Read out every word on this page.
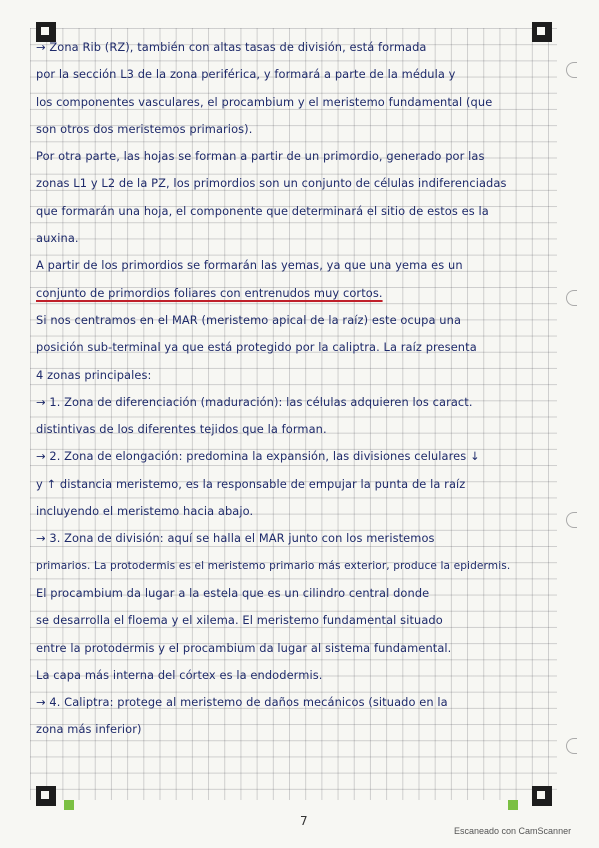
→ Zona Rib (RZ), también con altas tasas de división, está formada

por la sección L3 de la zona periférica, y formará a parte de la médula y

los componentes vasculares, el procambium y el meristemo fundamental (que

son otros dos meristemos primarios).

Por otra parte, las hojas se forman a partir de un primordio, generado por las

zonas L1 y L2 de la PZ, los primordios son un conjunto de células indiferenciadas

que formarán una hoja, el componente que determinará el sitio de estos es la

auxina.

A partir de los primordios se formarán las yemas, ya que una yema es un

conjunto de primordios foliares con entrenudos muy cortos.

Si nos centramos en el MAR (meristemo apical de la raíz) este ocupa una

posición sub-terminal ya que está protegido por la caliptra. La raíz presenta

4 zonas principales:

→ 1. Zona de diferenciación (maduración): las células adquieren los caract.

distintivas de los diferentes tejidos que la forman.

→ 2. Zona de elongación: predomina la expansión, las divisiones celulares ↓

y ↑ distancia meristemo, es la responsable de empujar la punta de la raíz

incluyendo el meristemo hacia abajo.

→ 3. Zona de división: aquí se halla el MAR junto con los meristemos

primarios. La protodermis es el meristemo primario más exterior, produce la epidermis.

El procambium da lugar a la estela que es un cilindro central donde

se desarrolla el floema y el xilema. El meristemo fundamental situado

entre la protodermis y el procambium da lugar al sistema fundamental.

La capa más interna del córtex es la endodermis.

→ 4. Caliptra: protege al meristemo de daños mecánicos (situado en la

zona más inferior)

7
Escaneado con CamScanner
